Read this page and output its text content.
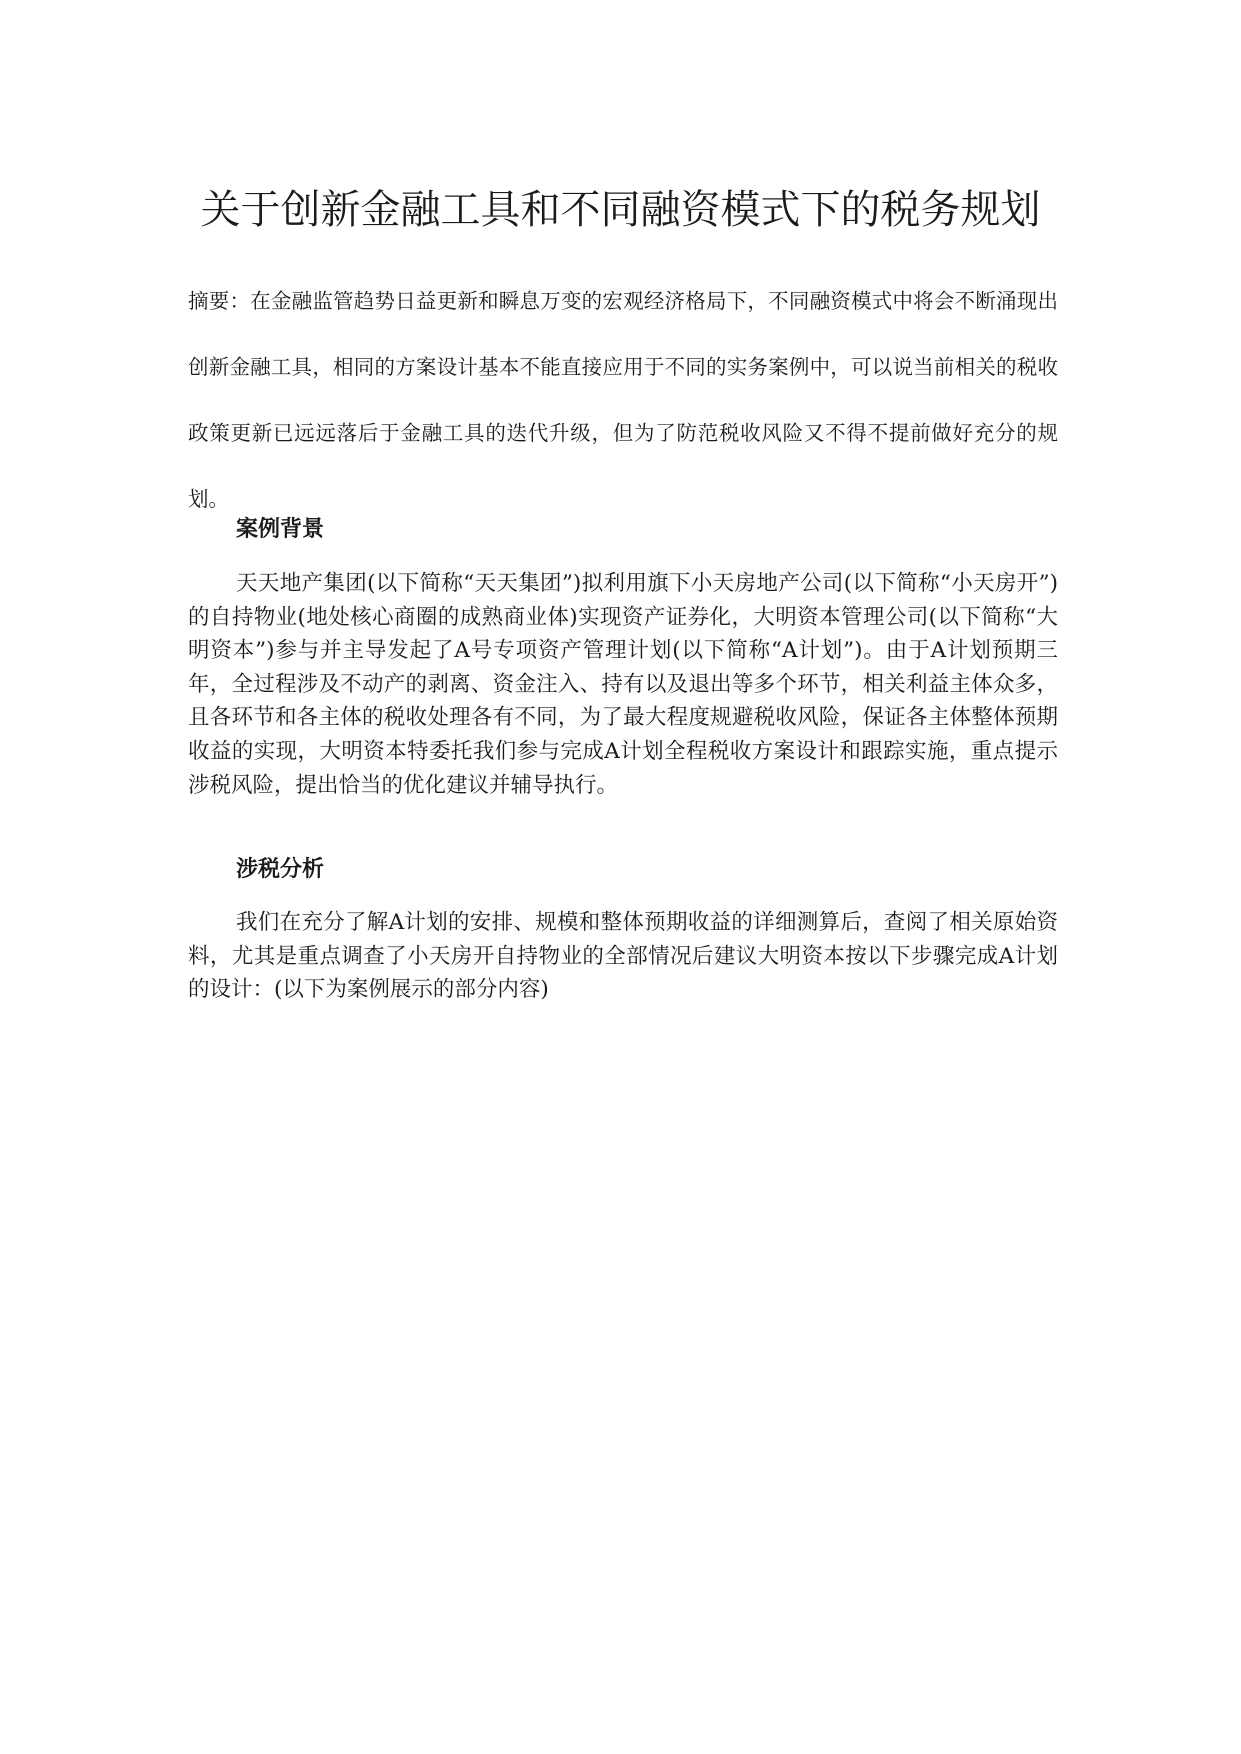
关于创新金融工具和不同融资模式下的税务规划

摘要：在金融监管趋势日益更新和瞬息万变的宏观经济格局下，不同融资模式中将会不断涌现出创新金融工具，相同的方案设计基本不能直接应用于不同的实务案例中，可以说当前相关的税收政策更新已远远落后于金融工具的迭代升级，但为了防范税收风险又不得不提前做好充分的规划。

案例背景

天天地产集团(以下简称“天天集团”)拟利用旗下小天房地产公司(以下简称“小天房开”)的自持物业(地处核心商圈的成熟商业体)实现资产证券化，大明资本管理公司(以下简称“大明资本”)参与并主导发起了A号专项资产管理计划(以下简称“A计划”)。由于A计划预期三年，全过程涉及不动产的剥离、资金注入、持有以及退出等多个环节，相关利益主体众多，且各环节和各主体的税收处理各有不同，为了最大程度规避税收风险，保证各主体整体预期收益的实现，大明资本特委托我们参与完成A计划全程税收方案设计和跟踪实施，重点提示涉税风险，提出恰当的优化建议并辅导执行。

涉税分析

我们在充分了解A计划的安排、规模和整体预期收益的详细测算后，查阅了相关原始资料，尤其是重点调查了小天房开自持物业的全部情况后建议大明资本按以下步骤完成A计划的设计：(以下为案例展示的部分内容)
